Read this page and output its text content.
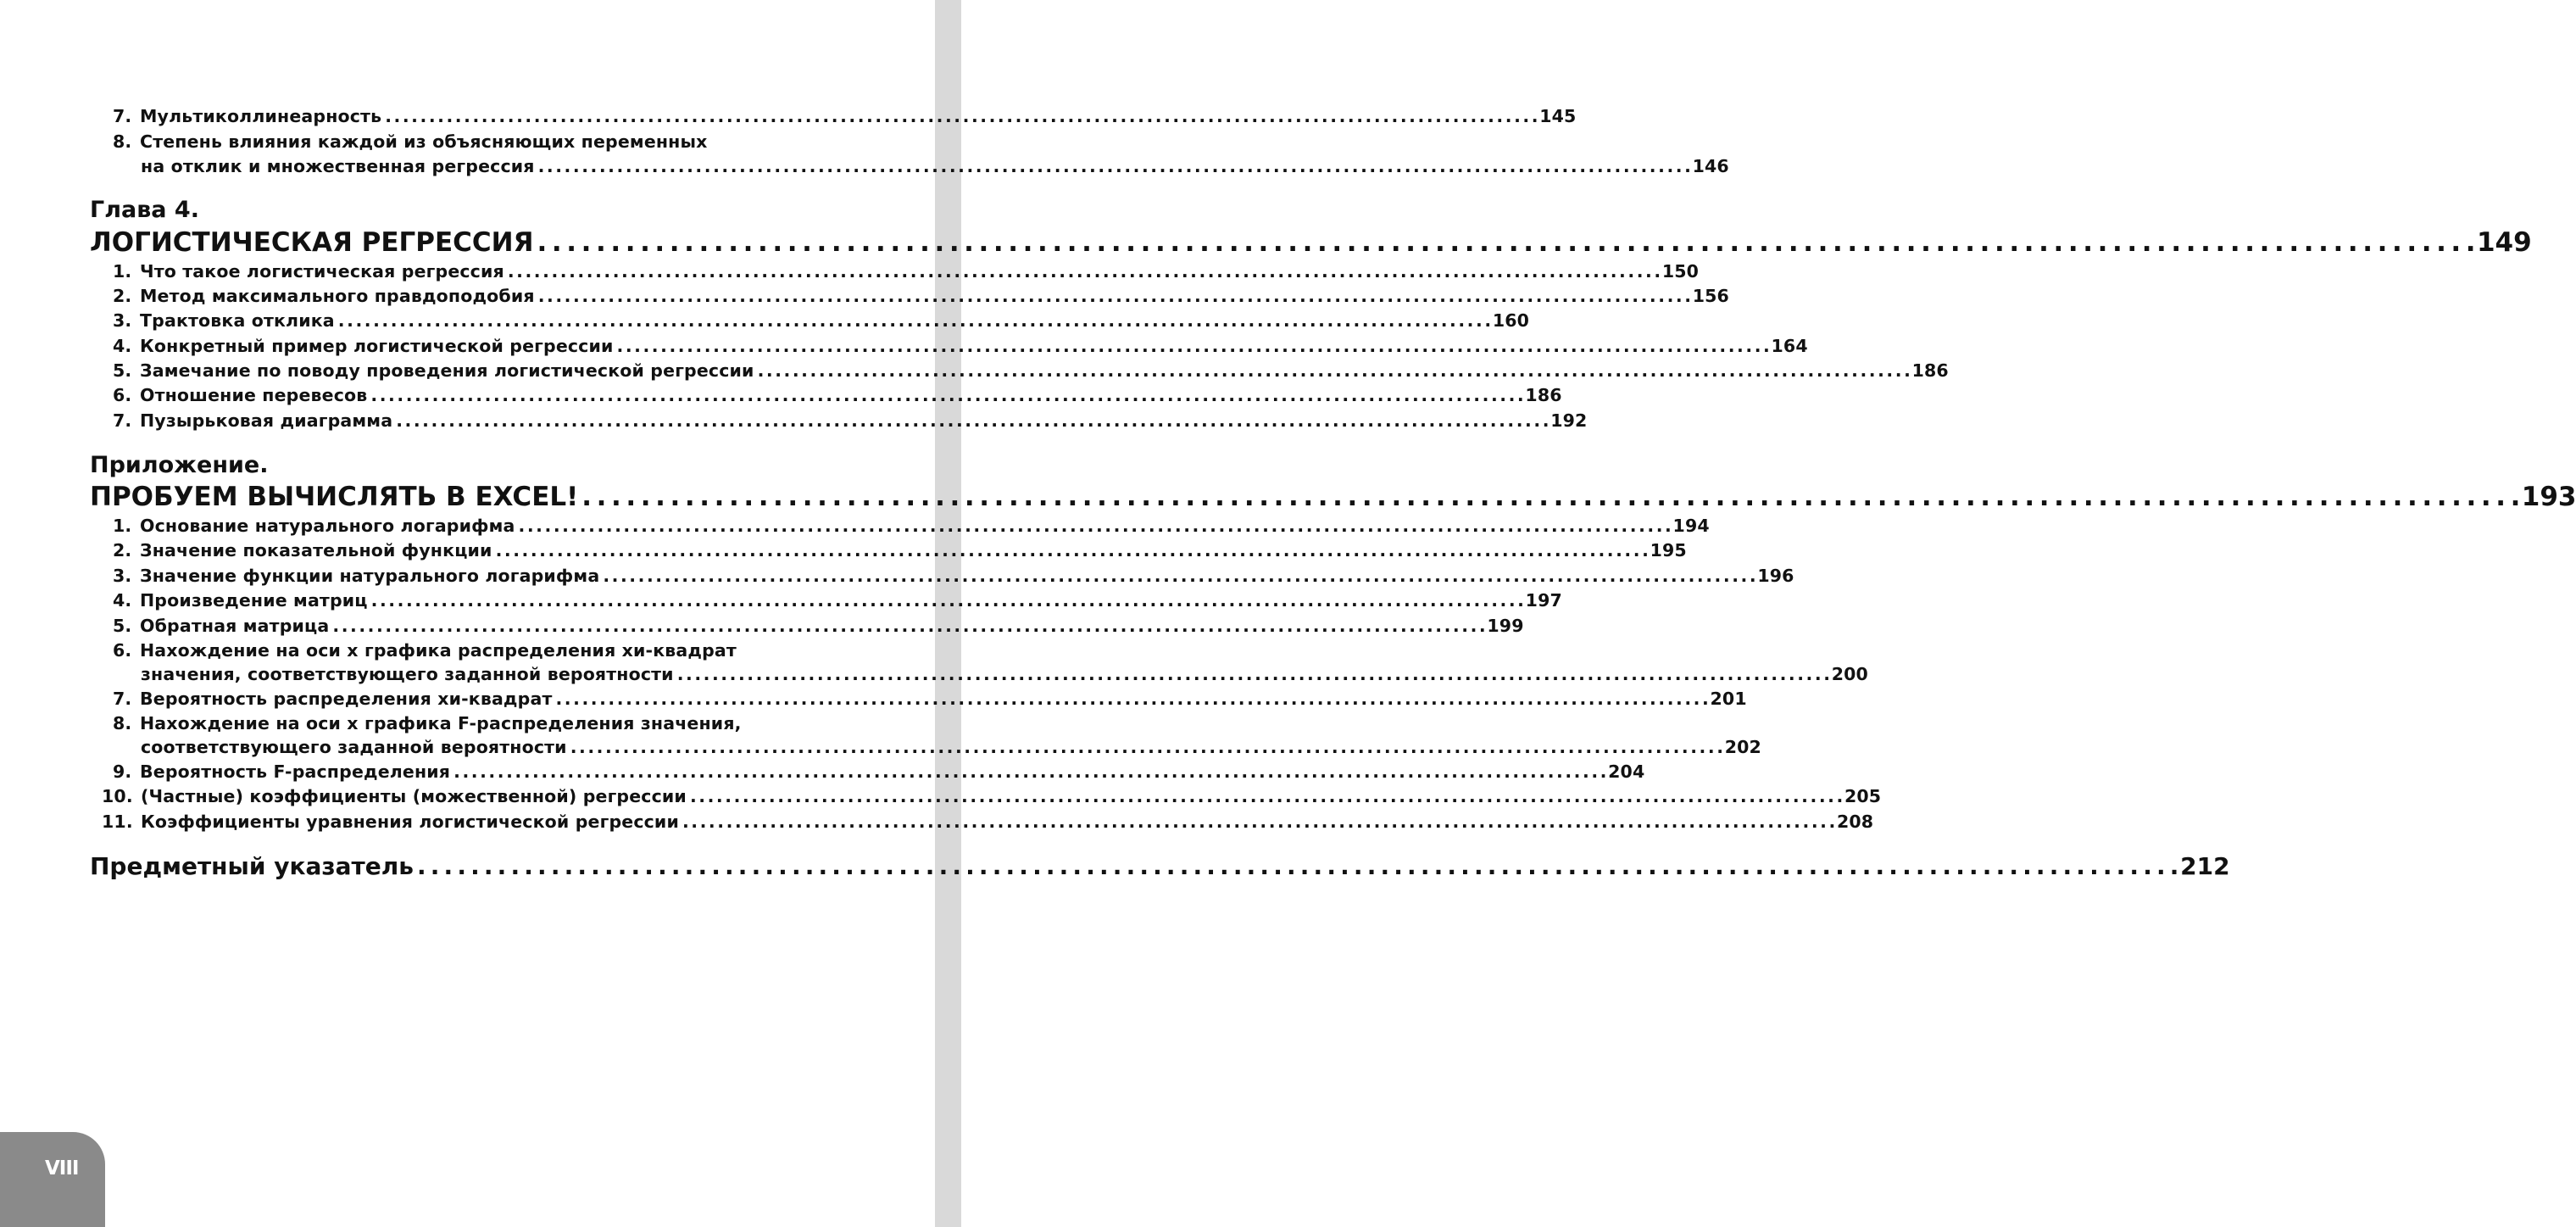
7. Мультиколлинеарность . . .	145
8. Степень влияния каждой из объясняющих переменных
на отклик и множественная регрессия . . .	146
Глава 4.
ЛОГИСТИЧЕСКАЯ РЕГРЕССИЯ . . .	149
1. Что такое логистическая регрессия . . .	150
2. Метод максимального правдоподобия . . .	156
3. Трактовка отклика . . .	160
4. Конкретный пример логистической регрессии . . .	164
5. Замечание по поводу проведения логистической регрессии . . .	186
6. Отношение перевесов . . .	186
7. Пузырьковая диаграмма . . .	192
Приложение.
ПРОБУЕМ ВЫЧИСЛЯТЬ В EXCEL! . . .	193
1. Основание натурального логарифма . . .	194
2. Значение показательной функции . . .	195
3. Значение функции натурального логарифма . . .	196
4. Произведение матриц . . .	197
5. Обратная матрица . . .	199
6. Нахождение на оси x графика распределения хи-квадрат
значения, соответствующего заданной вероятности . . .	200
7. Вероятность распределения хи-квадрат . . .	201
8. Нахождение на оси x графика F-распределения значения,
соответствующего заданной вероятности . . .	202
9. Вероятность F-распределения . . .	204
10. (Частные) коэффициенты (можественной) регрессии . . .	205
11. Коэффициенты уравнения логистической регрессии . . .	208
Предметный указатель . . .	212
VIII
